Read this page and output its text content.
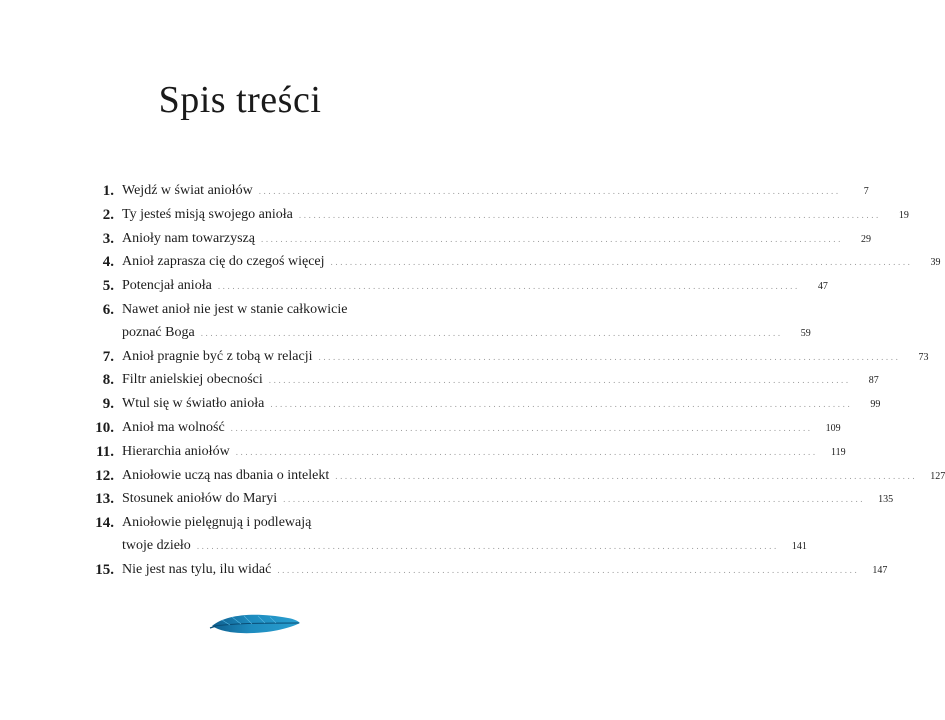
Spis treści
1. Wejdź w świat aniołów ........................................................................................................................	7
2. Ty jesteś misją swojego anioła ........................................................................................................................	19
3. Anioły nam towarzyszą ........................................................................................................................	29
4. Anioł zaprasza cię do czegoś więcej ........................................................................................................................	39
5. Potencjał anioła ........................................................................................................................	47
6. Nawet anioł nie jest w stanie całkowicie
poznać Boga ........................................................................................................................	59
7. Anioł pragnie być z tobą w relacji ........................................................................................................................	73
8. Filtr anielskiej obecności ........................................................................................................................	87
9. Wtul się w światło anioła ........................................................................................................................	99
10. Anioł ma wolność ........................................................................................................................	109
11. Hierarchia aniołów ........................................................................................................................	119
12. Aniołowie uczą nas dbania o intelekt ........................................................................................................................	127
13. Stosunek aniołów do Maryi ........................................................................................................................	135
14. Aniołowie pielęgnują i podlewają
twoje dzieło ........................................................................................................................	141
15. Nie jest nas tylu, ilu widać ........................................................................................................................	147
